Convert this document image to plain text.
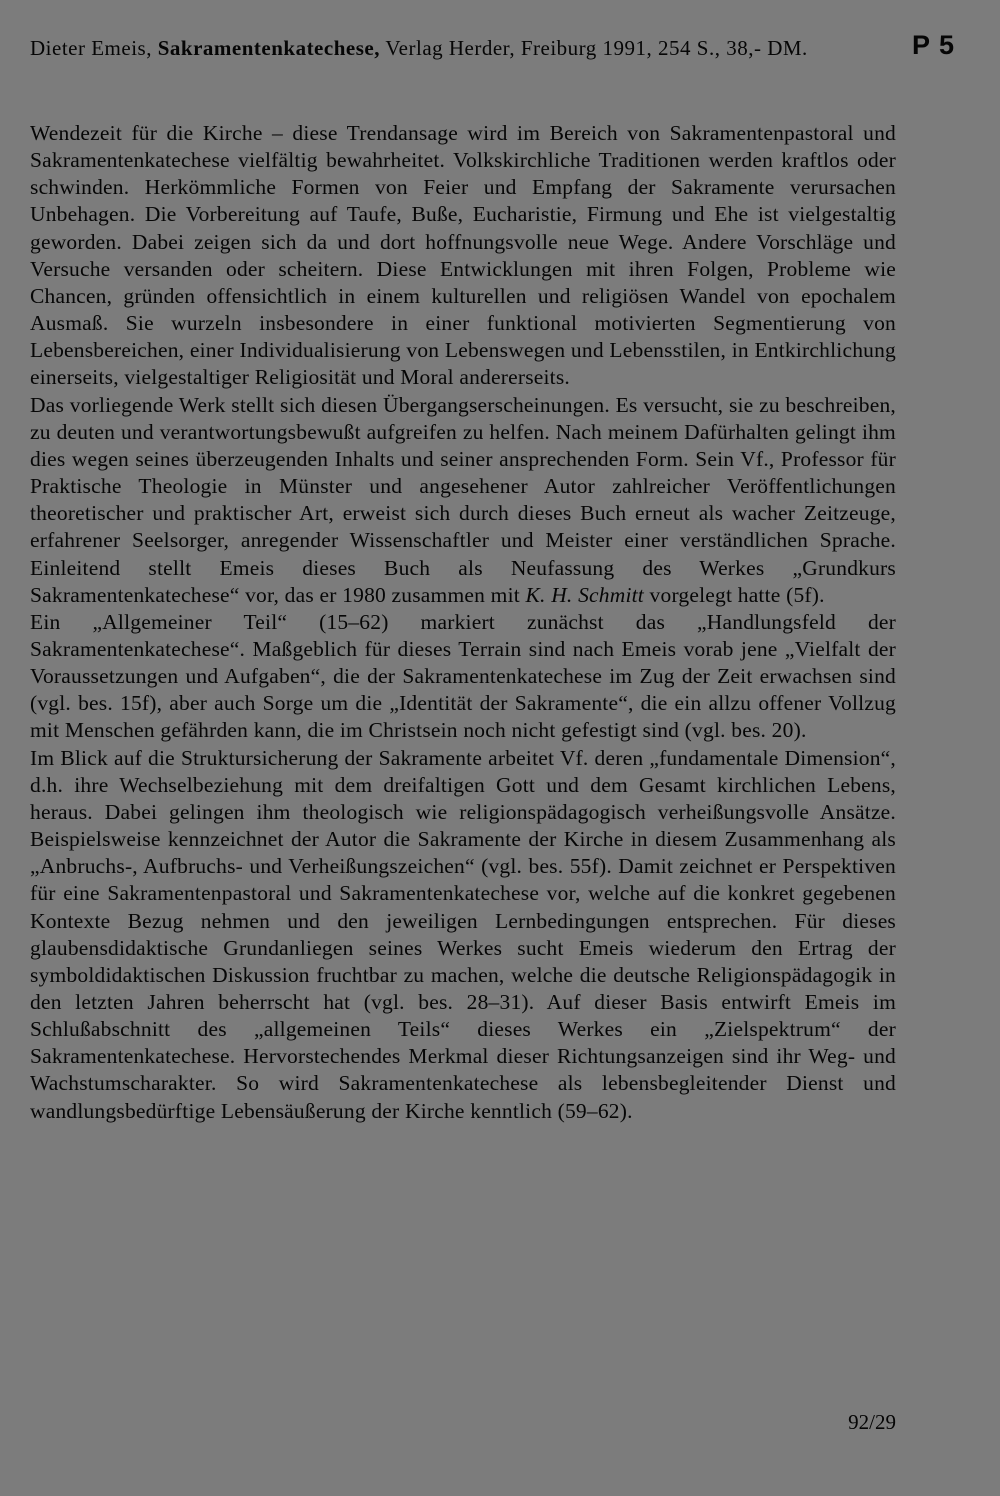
Dieter Emeis, Sakramentenkatechese, Verlag Herder, Freiburg 1991, 254 S., 38,- DM.	P 5

Wendezeit für die Kirche – diese Trendansage wird im Bereich von Sakramentenpastoral und Sakramentenkatechese vielfältig bewahrheitet. Volkskirchliche Traditionen werden kraftlos oder schwinden. Herkömmliche Formen von Feier und Empfang der Sakramente verursachen Unbehagen. Die Vorbereitung auf Taufe, Buße, Eucharistie, Firmung und Ehe ist vielgestaltig geworden. Dabei zeigen sich da und dort hoffnungsvolle neue Wege. Andere Vorschläge und Versuche versanden oder scheitern. Diese Entwicklungen mit ihren Folgen, Probleme wie Chancen, gründen offensichtlich in einem kulturellen und religiösen Wandel von epochalem Ausmaß. Sie wurzeln insbesondere in einer funktional motivierten Segmentierung von Lebensbereichen, einer Individualisierung von Lebenswegen und Lebensstilen, in Entkirchlichung einerseits, vielgestaltiger Religiosität und Moral andererseits.

Das vorliegende Werk stellt sich diesen Übergangserscheinungen. Es versucht, sie zu beschreiben, zu deuten und verantwortungsbewußt aufgreifen zu helfen. Nach meinem Dafürhalten gelingt ihm dies wegen seines überzeugenden Inhalts und seiner ansprechenden Form. Sein Vf., Professor für Praktische Theologie in Münster und angesehener Autor zahlreicher Veröffentlichungen theoretischer und praktischer Art, erweist sich durch dieses Buch erneut als wacher Zeitzeuge, erfahrener Seelsorger, anregender Wissenschaftler und Meister einer verständlichen Sprache. Einleitend stellt Emeis dieses Buch als Neufassung des Werkes „Grundkurs Sakramentenkatechese“ vor, das er 1980 zusammen mit K. H. Schmitt vorgelegt hatte (5f).

Ein „Allgemeiner Teil“ (15–62) markiert zunächst das „Handlungsfeld der Sakramentenkatechese“. Maßgeblich für dieses Terrain sind nach Emeis vorab jene „Vielfalt der Voraussetzungen und Aufgaben“, die der Sakramentenkatechese im Zug der Zeit erwachsen sind (vgl. bes. 15f), aber auch Sorge um die „Identität der Sakramente“, die ein allzu offener Vollzug mit Menschen gefährden kann, die im Christsein noch nicht gefestigt sind (vgl. bes. 20).

Im Blick auf die Struktursicherung der Sakramente arbeitet Vf. deren „fundamentale Dimension“, d.h. ihre Wechselbeziehung mit dem dreifaltigen Gott und dem Gesamt kirchlichen Lebens, heraus. Dabei gelingen ihm theologisch wie religionspädagogisch verheißungsvolle Ansätze. Beispielsweise kennzeichnet der Autor die Sakramente der Kirche in diesem Zusammenhang als „Anbruchs-, Aufbruchs- und Verheißungszeichen“ (vgl. bes. 55f). Damit zeichnet er Perspektiven für eine Sakramentenpastoral und Sakramentenkatechese vor, welche auf die konkret gegebenen Kontexte Bezug nehmen und den jeweiligen Lernbedingungen entsprechen. Für dieses glaubensdidaktische Grundanliegen seines Werkes sucht Emeis wiederum den Ertrag der symboldidaktischen Diskussion fruchtbar zu machen, welche die deutsche Religionspädagogik in den letzten Jahren beherrscht hat (vgl. bes. 28–31). Auf dieser Basis entwirft Emeis im Schlußabschnitt des „allgemeinen Teils“ dieses Werkes ein „Zielspektrum“ der Sakramentenkatechese. Hervorstechendes Merkmal dieser Richtungsanzeigen sind ihr Weg- und Wachstumscharakter. So wird Sakramentenkatechese als lebensbegleitender Dienst und wandlungsbedürftige Lebensäußerung der Kirche kenntlich (59–62).

92/29
